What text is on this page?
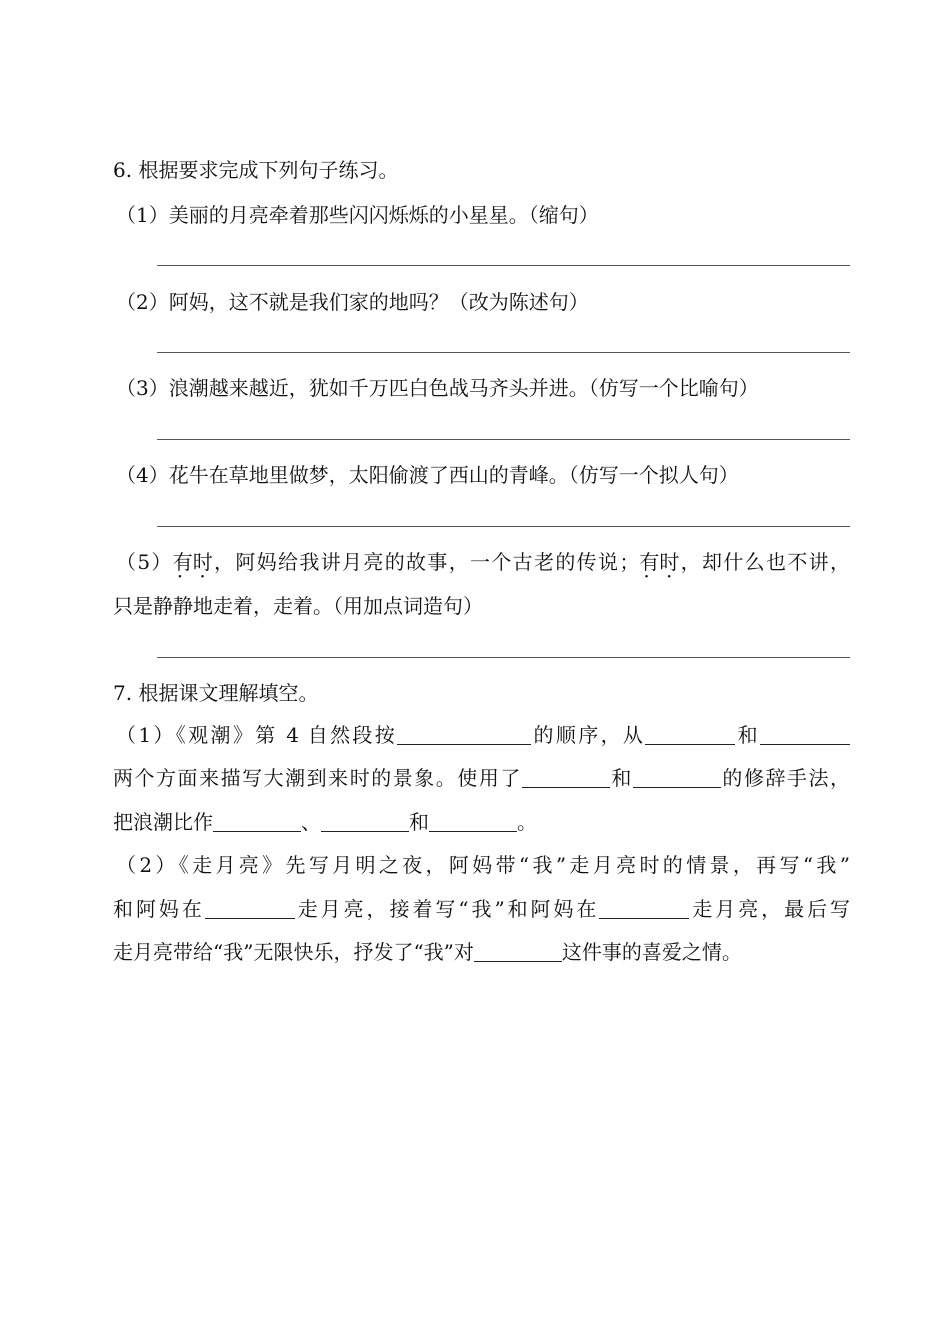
6. 根据要求完成下列句子练习。
（1）美丽的月亮牵着那些闪闪烁烁的小星星。（缩句）
（2）阿妈，这不就是我们家的地吗？（改为陈述句）
（3）浪潮越来越近，犹如千万匹白色战马齐头并进。（仿写一个比喻句）
（4）花牛在草地里做梦，太阳偷渡了西山的青峰。（仿写一个拟人句）
（5）有时 · ·，阿妈给我讲月亮的故事，一个古老的传说；有时 · ·，却什么也不讲，
只是静静地走着，走着。（用加点词造句）
7. 根据课文理解填空。
（1）《观潮》第 4 自然段按	的顺序，从	和
两个方面来描写大潮到来时的景象。使用了	和	的修辞手法，
把浪潮比作	、	和	。
（2）《走月亮》先写月明之夜，阿妈带“我”走月亮时的情景，再写“我”
和阿妈在	走月亮，接着写“我”和阿妈在	走月亮，最后写
走月亮带给“我”无限快乐，抒发了“我”对	这件事的喜爱之情。
